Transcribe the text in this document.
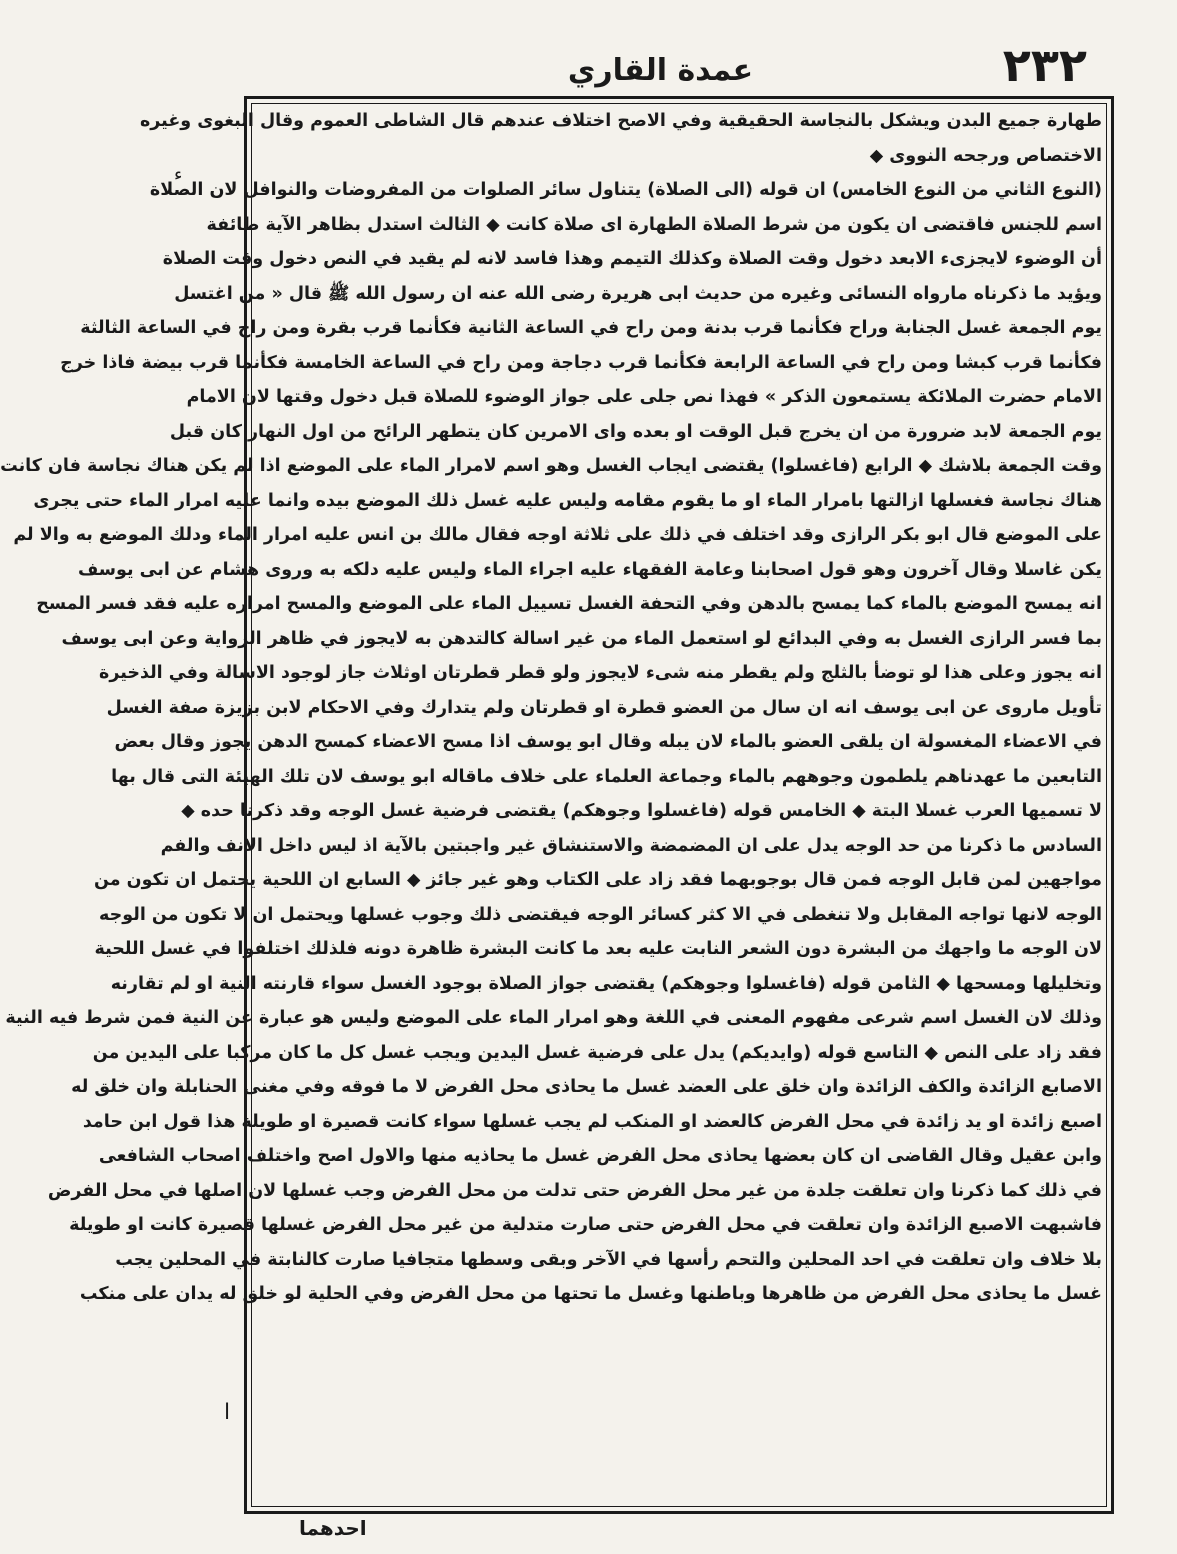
۲۳۲
عمدة القاري
طهارة جميع البدن ويشكل بالنجاسة الحقيقية وفي الاصح اختلاف عندهم قال الشاطى العموم وقال البغوى وغيره
الاختصاص ورجحه النووى ◆
(النوع الثاني من النوع الخامس) ان قوله (الى الصلاة) يتناول سائر الصلوات من المفروضات والنوافل لان الصلاة
اسم للجنس فاقتضى ان يكون من شرط الصلاة الطهارة اى صلاة كانت ◆ الثالث استدل بظاهر الآية طائفة
أن الوضوء لايجزىء الابعد دخول وقت الصلاة وكذلك التيمم وهذا فاسد لانه لم يقيد في النص دخول وقت الصلاة
ويؤيد ما ذكرناه مارواه النسائى وغيره من حديث ابى هريرة رضى الله عنه ان رسول الله ﷺ قال « من اغتسل
يوم الجمعة غسل الجنابة وراح فكأنما قرب بدنة ومن راح في الساعة الثانية فكأنما قرب بقرة ومن راح في الساعة الثالثة
فكأنما قرب كبشا ومن راح في الساعة الرابعة فكأنما قرب دجاجة ومن راح في الساعة الخامسة فكأنما قرب بيضة فاذا خرج
الامام حضرت الملائكة يستمعون الذكر » فهذا نص جلى على جواز الوضوء للصلاة قبل دخول وقتها لان الامام
يوم الجمعة لابد ضرورة من ان يخرج قبل الوقت او بعده واى الامرين كان يتطهر الرائح من اول النهار كان قبل
وقت الجمعة بلاشك ◆ الرابع (فاغسلوا) يقتضى ايجاب الغسل وهو اسم لامرار الماء على الموضع اذا لم يكن هناك نجاسة فان كانت
هناك نجاسة فغسلها ازالتها بامرار الماء او ما يقوم مقامه وليس عليه غسل ذلك الموضع بيده وانما عليه امرار الماء حتى يجرى
على الموضع قال ابو بكر الرازى وقد اختلف في ذلك على ثلاثة اوجه فقال مالك بن انس عليه امرار الماء ودلك الموضع به والا لم
يكن غاسلا وقال آخرون وهو قول اصحابنا وعامة الفقهاء عليه اجراء الماء وليس عليه دلكه به وروى هشام عن ابى يوسف
انه يمسح الموضع بالماء كما يمسح بالدهن وفي التحفة الغسل تسييل الماء على الموضع والمسح امراره عليه فقد فسر المسح
بما فسر الرازى الغسل به وفي البدائع لو استعمل الماء من غير اسالة كالتدهن به لايجوز في ظاهر الرواية وعن ابى يوسف
انه يجوز وعلى هذا لو توضأ بالثلج ولم يقطر منه شىء لايجوز ولو قطر قطرتان اوثلاث جاز لوجود الاسالة وفي الذخيرة
تأويل ماروى عن ابى يوسف انه ان سال من العضو قطرة او قطرتان ولم يتدارك وفي الاحكام لابن بزيزة صفة الغسل
في الاعضاء المغسولة ان يلقى العضو بالماء لان يبله وقال ابو يوسف اذا مسح الاعضاء كمسح الدهن يجوز وقال بعض
التابعين ما عهدناهم يلطمون وجوههم بالماء وجماعة العلماء على خلاف ماقاله ابو يوسف لان تلك الهيئة التى قال بها
لا تسميها العرب غسلا البتة ◆ الخامس قوله (فاغسلوا وجوهكم) يقتضى فرضية غسل الوجه وقد ذكرنا حده ◆
السادس ما ذكرنا من حد الوجه يدل على ان المضمضة والاستنشاق غير واجبتين بالآية اذ ليس داخل الانف والفم
مواجهين لمن قابل الوجه فمن قال بوجوبهما فقد زاد على الكتاب وهو غير جائز ◆ السابع ان اللحية يحتمل ان تكون من
الوجه لانها تواجه المقابل ولا تنغطى في الا كثر كسائر الوجه فيقتضى ذلك وجوب غسلها ويحتمل ان لا تكون من الوجه
لان الوجه ما واجهك من البشرة دون الشعر النابت عليه بعد ما كانت البشرة ظاهرة دونه فلذلك اختلفوا في غسل اللحية
وتخليلها ومسحها ◆ الثامن قوله (فاغسلوا وجوهكم) يقتضى جواز الصلاة بوجود الغسل سواء قارنته النية او لم تقارنه
وذلك لان الغسل اسم شرعى مفهوم المعنى في اللغة وهو امرار الماء على الموضع وليس هو عبارة عن النية فمن شرط فيه النية
فقد زاد على النص ◆ التاسع قوله (وايديكم) يدل على فرضية غسل اليدين ويجب غسل كل ما كان مركبا على اليدين من
الاصابع الزائدة والكف الزائدة وان خلق على العضد غسل ما يحاذى محل الفرض لا ما فوقه وفي مغنى الحنابلة وان خلق له
اصبع زائدة او يد زائدة في محل الفرض كالعضد او المنكب لم يجب غسلها سواء كانت قصيرة او طويلة هذا قول ابن حامد
وابن عقيل وقال القاضى ان كان بعضها يحاذى محل الفرض غسل ما يحاذيه منها والاول اصح واختلف اصحاب الشافعى
في ذلك كما ذكرنا وان تعلقت جلدة من غير محل الفرض حتى تدلت من محل الفرض وجب غسلها لان اصلها في محل الفرض
فاشبهت الاصبع الزائدة وان تعلقت في محل الفرض حتى صارت متدلية من غير محل الفرض غسلها قصيرة كانت او طويلة
بلا خلاف وان تعلقت في احد المحلين والتحم رأسها في الآخر وبقى وسطها متجافيا صارت كالنابتة في المحلين يجب
غسل ما يحاذى محل الفرض من ظاهرها وباطنها وغسل ما تحتها من محل الفرض وفي الحلية لو خلق له يدان على منكب
احدهما
ء
ا
